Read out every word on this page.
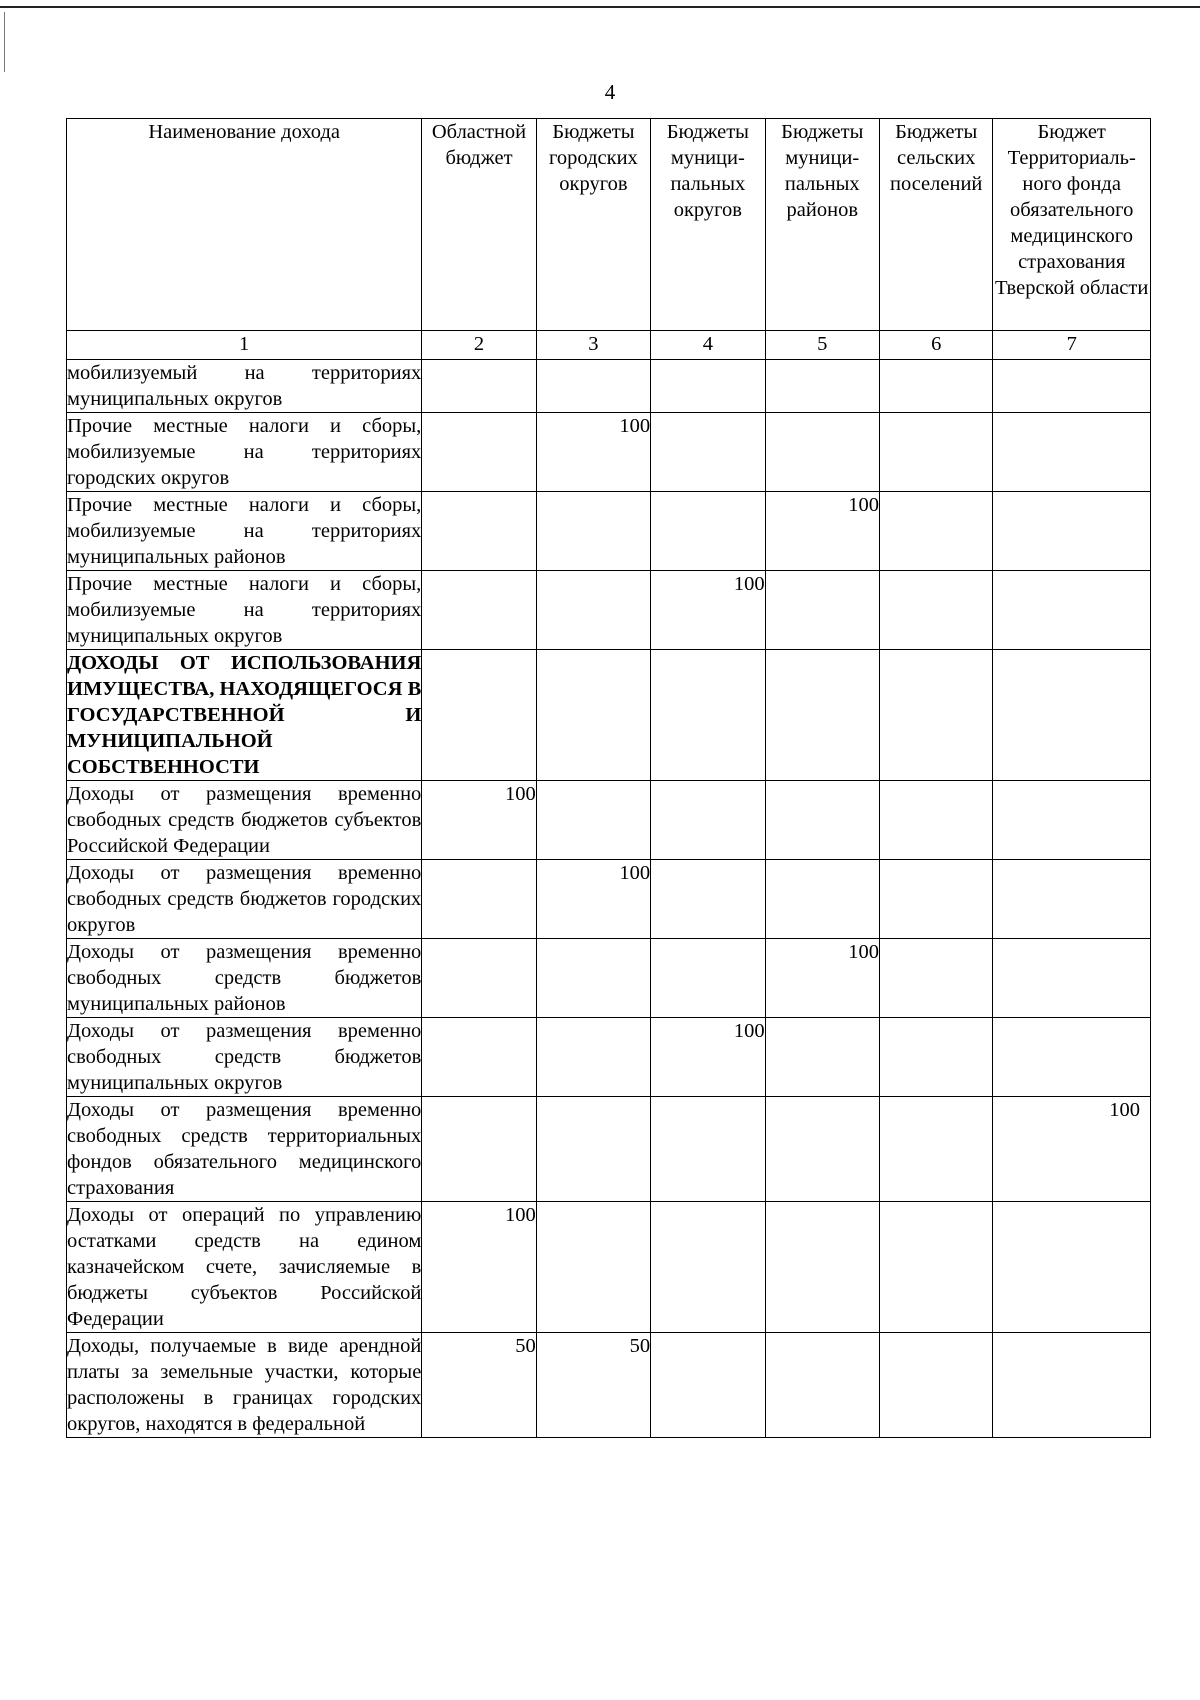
4
Наименование дохода	Областной бюджет	Бюджеты городских округов	Бюджеты муници-пальных округов	Бюджеты муници-пальных районов	Бюджеты сельских поселений	Бюджет Территориаль-ного фонда обязательного медицинского страхования Тверской области
1	2	3	4	5	6	7
мобилизуемый на территориях муниципальных округов						
Прочие местные налоги и сборы, мобилизуемые на территориях городских округов		100				
Прочие местные налоги и сборы, мобилизуемые на территориях муниципальных районов				100		
Прочие местные налоги и сборы, мобилизуемые на территориях муниципальных округов			100			
ДОХОДЫ ОТ ИСПОЛЬЗОВАНИЯ ИМУЩЕСТВА, НАХОДЯЩЕГОСЯ В ГОСУДАРСТВЕННОЙ И МУНИЦИПАЛЬНОЙ СОБСТВЕННОСТИ						
Доходы от размещения временно свободных средств бюджетов субъектов Российской Федерации	100					
Доходы от размещения временно свободных средств бюджетов городских округов		100				
Доходы от размещения временно свободных средств бюджетов муниципальных районов				100		
Доходы от размещения временно свободных средств бюджетов муниципальных округов			100			
Доходы от размещения временно свободных средств территориальных фондов обязательного медицинского страхования						100
Доходы от операций по управлению остатками средств на едином казначейском счете, зачисляемые в бюджеты субъектов Российской Федерации	100					
Доходы, получаемые в виде арендной платы за земельные участки, которые расположены в границах городских округов, находятся в федеральной	50	50				
